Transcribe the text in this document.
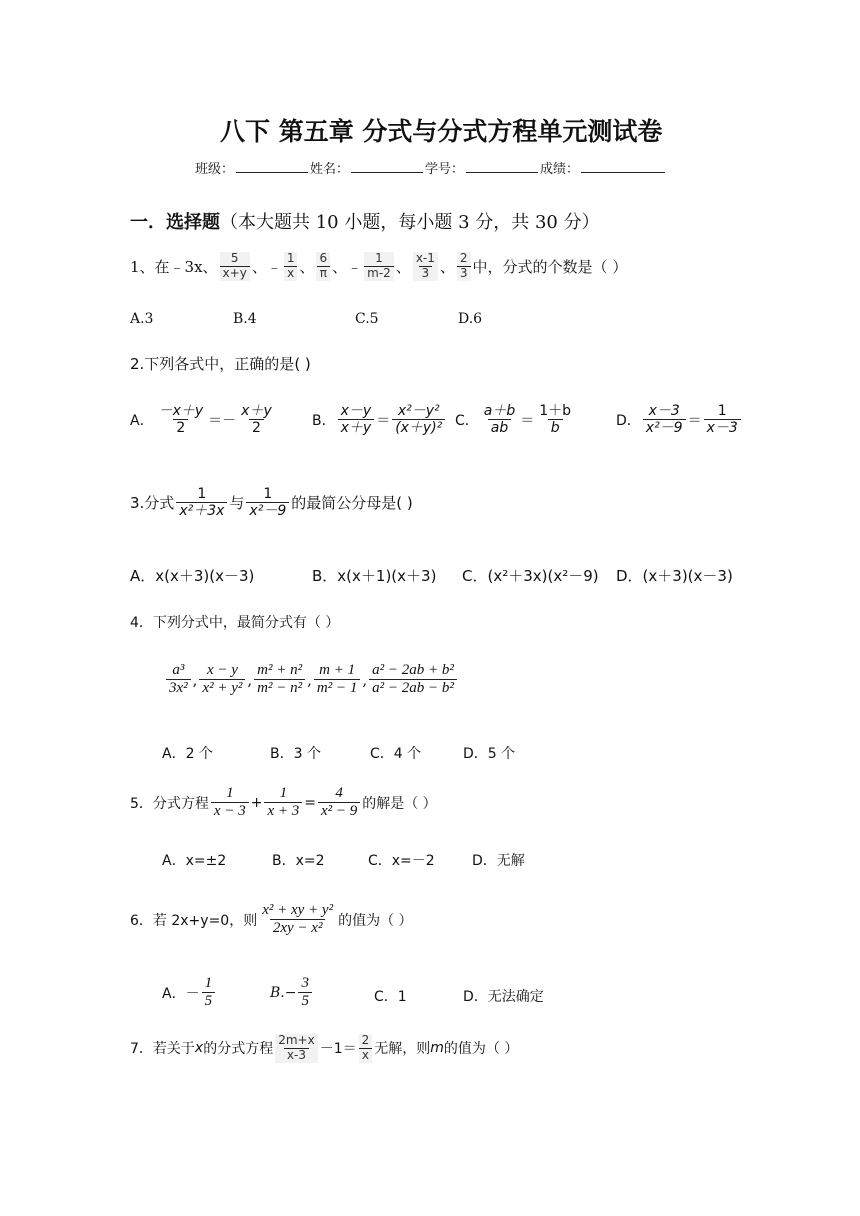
八下 第五章 分式与分式方程单元测试卷
班级：	姓名：	学号：	成绩：
一．选择题（本大题共 10 小题，每小题 3 分，共 30 分）
1、在﹣3x、 $\frac{5}{x+y}$ 、﹣ $\frac{1}{x}$ 、 $\frac{6}{\pi}$ 、﹣ $\frac{1}{m-2}$ 、 $\frac{x-1}{3}$ 、 $\frac{2}{3}$ 中，分式的个数是（ ）
A.3	B.4	C.5	D.6
2.下列各式中，正确的是( )
A． $\frac{-x+y}{2} =- \frac{x+y}{2}$	B． $\frac{x-y}{x+y} = \frac{\text{x²－y²}}{\text{(x＋y)²}}$ C． $\frac{a+b}{ab} = \frac{1+b}{b}$	D． $\frac{x-3}{\text{x²－9}} = \frac{1}{x-3}$
3.分式 $\frac{1}{\text{x²＋3x}}$ 与 $\frac{1}{\text{x²－9}}$ 的最简公分母是( )
A．x(x＋3)(x－3)	B．x(x＋1)(x＋3) C．(x²＋3x)(x²－9) D．(x＋3)(x－3)
4．下列分式中，最简分式有（ ）
$\frac{\text{a³}}{\text{3x²}}$ , $\frac{x - y}{\text{x² + y²}}$ , $\frac{\text{m² + n²}}{\text{m² − n²}}$ , $\frac{m + 1}{\text{m² − 1}}$ , $\frac{\text{a² − 2ab + b²}}{\text{a² − 2ab − b²}}$
A．2 个	B．3 个	C．4 个	D．5 个
5．分式方程 $\frac{1}{x - 3} + \frac{1}{x + 3} = \frac{4}{\text{x² − 9}}$ 的解是（ ）
A．x=±2	B．x=2	C．x=－2	D．无解
6．若 2x+y=0，则 $\frac{\text{x² + xy + y²}}{\text{2xy − x²}}$ 的值为（ ）
A．－ $\frac{1}{5}$	$B.- \frac{3}{5}$	C．1	D．无法确定
7．若关于 x 的分式方程 $\frac{2m+x}{x-3} -1= \frac{2}{x}$ 无解，则 m 的值为（ ）
